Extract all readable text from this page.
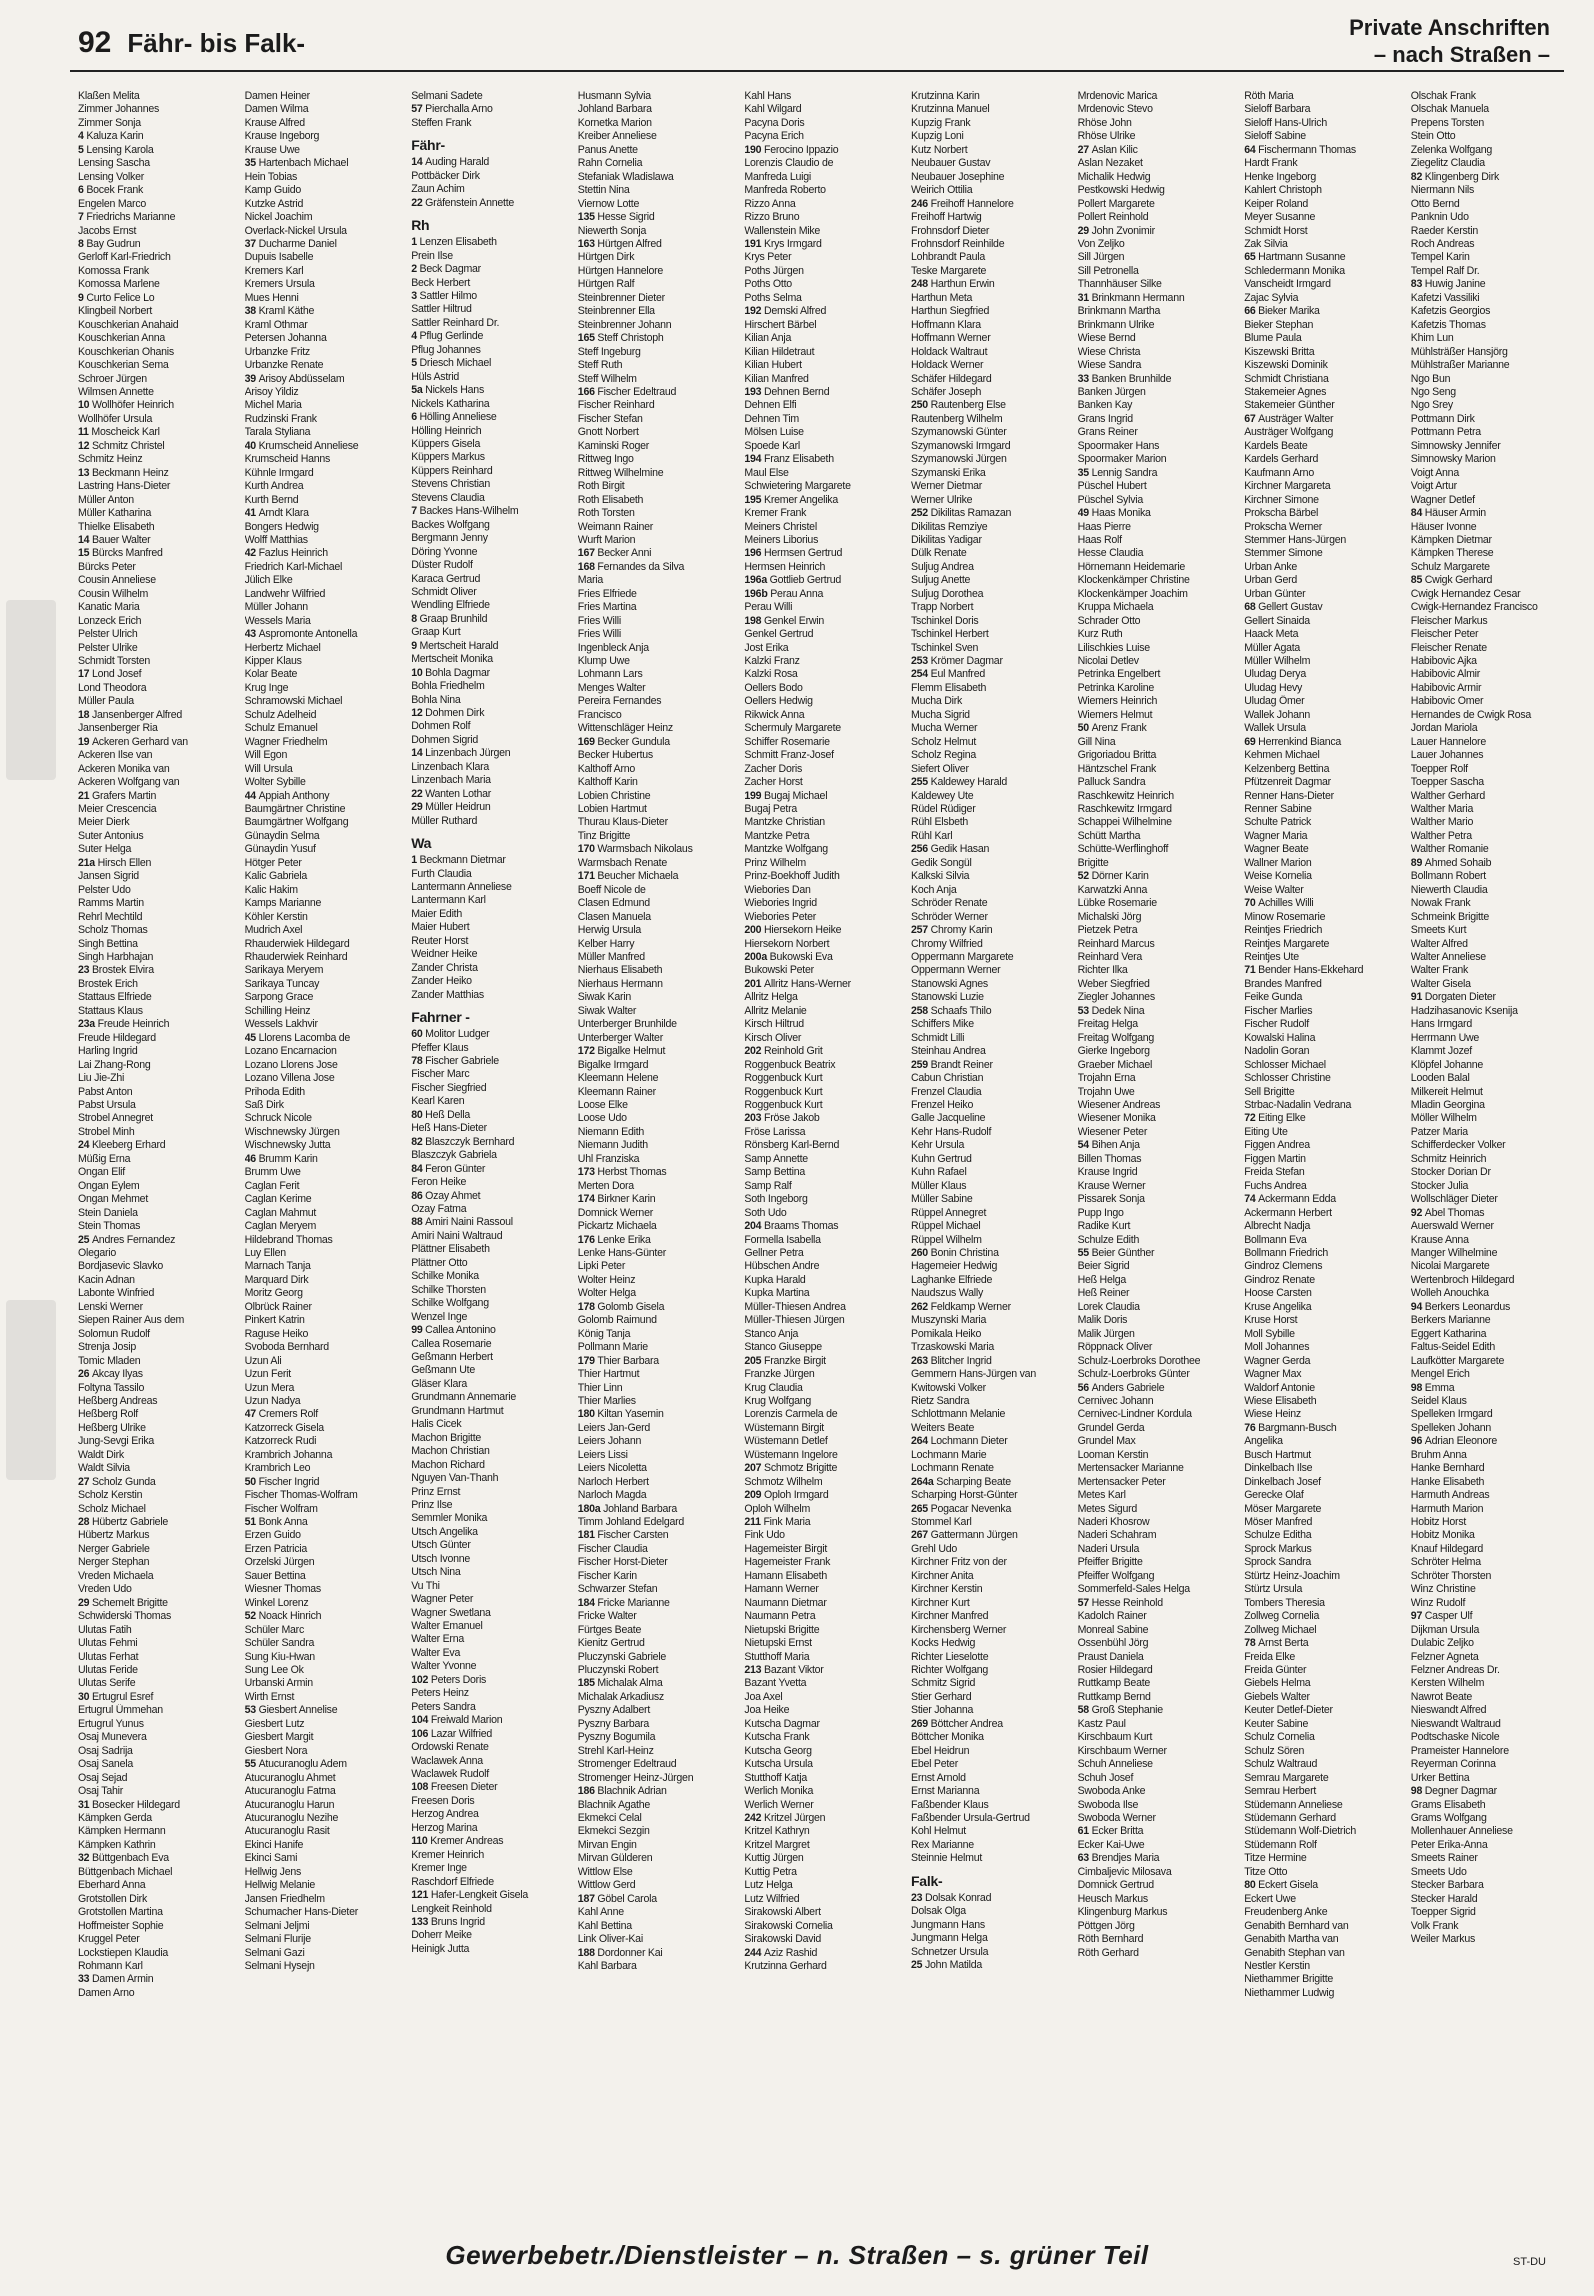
92 Fähr- bis Falk-
Private Anschriften
– nach Straßen –
Klaßen Melita
Zimmer Johannes
Zimmer Sonja
4 Kaluza Karin
5 Lensing Karola
Lensing Sascha
Lensing Volker
6 Bocek Frank
Engelen Marco
7 Friedrichs Marianne
Jacobs Ernst
8 Bay Gudrun
Gerloff Karl-Friedrich
Komossa Frank
Komossa Marlene
9 Curto Felice Lo
Klingbeil Norbert
Kouschkerian Anahaid
Kouschkerian Anna
Kouschkerian Ohanis
Kouschkerian Sema
Schroer Jürgen
Wilmsen Annette
10 Wollhöfer Heinrich
Wollhöfer Ursula
11 Moscheick Karl
12 Schmitz Christel
Schmitz Heinz
13 Beckmann Heinz
Lastring Hans-Dieter
Müller Anton
Müller Katharina
Thielke Elisabeth
14 Bauer Walter
15 Bürcks Manfred
Bürcks Peter
Cousin Anneliese
Cousin Wilhelm
Kanatic Maria
Lonzeck Erich
Pelster Ulrich
Pelster Ulrike
Schmidt Torsten
17 Lond Josef
Lond Theodora
Müller Paula
18 Jansenberger Alfred
Jansenberger Ria
19 Ackeren Gerhard van
Ackeren Ilse van
Ackeren Monika van
Ackeren Wolfgang van
21 Grafers Martin
Meier Crescencia
Meier Dierk
Suter Antonius
Suter Helga
21a Hirsch Ellen
Jansen Sigrid
Pelster Udo
Ramms Martin
Rehrl Mechtild
Scholz Thomas
Singh Bettina
Singh Harbhajan
23 Brostek Elvira
Brostek Erich
Stattaus Elfriede
Stattaus Klaus
23a Freude Heinrich
Freude Hildegard
Harling Ingrid
Lai Zhang-Rong
Liu Jie-Zhi
Pabst Anton
Pabst Ursula
Strobel Annegret
Strobel Minh
24 Kleeberg Erhard
Müßig Erna
Ongan Elif
Ongan Eylem
Ongan Mehmet
Stein Daniela
Stein Thomas
25 Andres Fernandez
Olegario
Bordjasevic Slavko
Kacin Adnan
Labonte Winfried
Lenski Werner
Siepen Rainer Aus dem
Solomun Rudolf
Strenja Josip
Tomic Mladen
26 Akcay Ilyas
Foltyna Tassilo
Heßberg Andreas
Heßberg Rolf
Heßberg Ulrike
Jung-Sevgi Erika
Waldt Dirk
Waldt Silvia
27 Scholz Gunda
Scholz Kerstin
Scholz Michael
28 Hübertz Gabriele
Hübertz Markus
Nerger Gabriele
Nerger Stephan
Vreden Michaela
Vreden Udo
29 Schemelt Brigitte
Schwiderski Thomas
Ulutas Fatih
Ulutas Fehmi
Ulutas Ferhat
Ulutas Feride
Ulutas Serife
30 Ertugrul Esref
Ertugrul Ümmehan
Ertugrul Yunus
Osaj Munevera
Osaj Sadrija
Osaj Sanela
Osaj Sejad
Osaj Tahir
31 Bosecker Hildegard
Kämpken Gerda
Kämpken Hermann
Kämpken Kathrin
32 Büttgenbach Eva
Büttgenbach Michael
Eberhard Anna
Grotstollen Dirk
Grotstollen Martina
Hoffmeister Sophie
Kruggel Peter
Lockstiepen Klaudia
Rohmann Karl
33 Damen Armin
Damen Arno
Damen Heiner
Damen Wilma
Krause Alfred
Krause Ingeborg
Krause Uwe
35 Hartenbach Michael
Hein Tobias
Kamp Guido
Kutzke Astrid
Nickel Joachim
Overlack-Nickel Ursula
37 Ducharme Daniel
Dupuis Isabelle
Kremers Karl
Kremers Ursula
Mues Henni
38 Kraml Käthe
Kraml Othmar
Petersen Johanna
Urbanzke Fritz
Urbanzke Renate
39 Arisoy Abdüsselam
Arisoy Yildiz
Michel Maria
Rudzinski Frank
Tarala Styliana
40 Krumscheid Anneliese
Krumscheid Hanns
Kühnle Irmgard
Kurth Andrea
Kurth Bernd
41 Arndt Klara
Bongers Hedwig
Wolff Matthias
42 Fazlus Heinrich
Friedrich Karl-Michael
Jülich Elke
Landwehr Wilfried
Müller Johann
Wessels Maria
43 Aspromonte Antonella
Herbertz Michael
Kipper Klaus
Kolar Beate
Krug Inge
Schramowski Michael
Schulz Adelheid
Schulz Emanuel
Wagner Friedhelm
Will Egon
Will Ursula
Wolter Sybille
44 Appiah Anthony
Baumgärtner Christine
Baumgärtner Wolfgang
Günaydin Selma
Günaydin Yusuf
Hötger Peter
Kalic Gabriela
Kalic Hakim
Kamps Marianne
Köhler Kerstin
Mudrich Axel
Rhauderwiek Hildegard
Rhauderwiek Reinhard
Sarikaya Meryem
Sarikaya Tuncay
Sarpong Grace
Schilling Heinz
Wessels Lakhvir
45 Llorens Lacomba de
Lozano Encarnacion
Lozano Llorens Jose
Lozano Villena Jose
Prihoda Edith
Saß Dirk
Schruck Nicole
Wischnewsky Jürgen
Wischnewsky Jutta
46 Brumm Karin
Brumm Uwe
Caglan Ferit
Caglan Kerime
Caglan Mahmut
Caglan Meryem
Hildebrand Thomas
Luy Ellen
Marnach Tanja
Marquard Dirk
Moritz Georg
Olbrück Rainer
Pinkert Katrin
Raguse Heiko
Svoboda Bernhard
Uzun Ali
Uzun Ferit
Uzun Mera
Uzun Nadya
47 Cremers Rolf
Katzorreck Gisela
Katzorreck Rudi
Krambrich Johanna
Krambrich Leo
50 Fischer Ingrid
Fischer Thomas-Wolfram
Fischer Wolfram
51 Bonk Anna
Erzen Guido
Erzen Patricia
Orzelski Jürgen
Sauer Bettina
Wiesner Thomas
Winkel Lorenz
52 Noack Hinrich
Schüler Marc
Schüler Sandra
Sung Kiu-Hwan
Sung Lee Ok
Urbanski Armin
Wirth Ernst
53 Giesbert Annelise
Giesbert Lutz
Giesbert Margit
Giesbert Nora
55 Atucuranoglu Adem
Atucuranoglu Ahmet
Atucuranoglu Fatma
Atucuranoglu Harun
Atucuranoglu Nezihe
Atucuranoglu Rasit
Ekinci Hanife
Ekinci Sami
Hellwig Jens
Hellwig Melanie
Jansen Friedhelm
Schumacher Hans-Dieter
Selmani Jeljmi
Selmani Flurije
Selmani Gazi
Selmani Hysejn
Selmani Sadete
57 Pierchalla Arno
Steffen Frank
Fähr-
14 Auding Harald
Pottbäcker Dirk
Zaun Achim
22 Gräfenstein Annette
Rh
1 Lenzen Elisabeth
Prein Ilse
2 Beck Dagmar
Beck Herbert
3 Sattler Hilmo
Sattler Hiltrud
Sattler Reinhard Dr.
4 Pflug Gerlinde
Pflug Johannes
5 Driesch Michael
Hüls Astrid
5a Nickels Hans
Nickels Katharina
6 Hölling Anneliese
Hölling Heinrich
Küppers Gisela
Küppers Markus
Küppers Reinhard
Stevens Christian
Stevens Claudia
7 Backes Hans-Wilhelm
Backes Wolfgang
Bergmann Jenny
Döring Yvonne
Düster Rudolf
Karaca Gertrud
Schmidt Oliver
Wendling Elfriede
8 Graap Brunhild
Graap Kurt
9 Mertscheit Harald
Mertscheit Monika
10 Bohla Dagmar
Bohla Friedhelm
Bohla Nina
12 Dohmen Dirk
Dohmen Rolf
Dohmen Sigrid
14 Linzenbach Jürgen
Linzenbach Klara
Linzenbach Maria
22 Wanten Lothar
29 Müller Heidrun
Müller Ruthard
Wa
1 Beckmann Dietmar
Furth Claudia
Lantermann Anneliese
Lantermann Karl
Maier Edith
Maier Hubert
Reuter Horst
Weidner Heike
Zander Christa
Zander Heiko
Zander Matthias
Fahrner -
60 Molitor Ludger
Pfeffer Klaus
78 Fischer Gabriele
Fischer Marc
Fischer Siegfried
Kearl Karen
80 Heß Della
Heß Hans-Dieter
82 Blaszczyk Bernhard
Blaszczyk Gabriela
84 Feron Günter
Feron Heike
86 Ozay Ahmet
Ozay Fatma
88 Amiri Naini Rassoul
Amiri Naini Waltraud
Plättner Elisabeth
Plättner Otto
Schilke Monika
Schilke Thorsten
Schilke Wolfgang
Wenzel Inge
99 Callea Antonino
Callea Rosemarie
Geßmann Herbert
Geßmann Ute
Gläser Klara
Grundmann Annemarie
Grundmann Hartmut
Halis Cicek
Machon Brigitte
Machon Christian
Machon Richard
Nguyen Van-Thanh
Prinz Ernst
Prinz Ilse
Semmler Monika
Utsch Angelika
Utsch Günter
Utsch Ivonne
Utsch Nina
Vu Thi
Wagner Peter
Wagner Swetlana
Walter Emanuel
Walter Erna
Walter Eva
Walter Yvonne
102 Peters Doris
Peters Heinz
Peters Sandra
104 Freiwald Marion
106 Lazar Wilfried
Ordowski Renate
Waclawek Anna
Waclawek Rudolf
108 Freesen Dieter
Freesen Doris
Herzog Andrea
Herzog Marina
110 Kremer Andreas
Kremer Heinrich
Kremer Inge
Raschdorf Elfriede
121 Hafer-Lengkeit Gisela
Lengkeit Reinhold
133 Bruns Ingrid
Doherr Meike
Heinigk Jutta
Husmann Sylvia
Johland Barbara
Kornetka Marion
Kreiber Anneliese
Panus Anette
Rahn Cornelia
Stefaniak Wladislawa
Stettin Nina
Viernow Lotte
135 Hesse Sigrid
Niewerth Sonja
163 Hürtgen Alfred
Hürtgen Dirk
Hürtgen Hannelore
Hürtgen Ralf
Steinbrenner Dieter
Steinbrenner Ella
Steinbrenner Johann
165 Steff Christoph
Steff Ingeburg
Steff Ruth
Steff Wilhelm
166 Fischer Edeltraud
Fischer Reinhard
Fischer Stefan
Gnott Norbert
Kaminski Roger
Rittweg Ingo
Rittweg Wilhelmine
Roth Birgit
Roth Elisabeth
Roth Torsten
Weimann Rainer
Wurft Marion
167 Becker Anni
168 Fernandes da Silva
Maria
Fries Elfriede
Fries Martina
Fries Willi
Fries Willi
Ingenbleck Anja
Klump Uwe
Lohmann Lars
Menges Walter
Pereira Fernandes
Francisco
Wittenschläger Heinz
169 Becker Gundula
Becker Hubertus
Kalthoff Arno
Kalthoff Karin
Lobien Christine
Lobien Hartmut
Thurau Klaus-Dieter
Tinz Brigitte
170 Warmsbach Nikolaus
Warmsbach Renate
171 Beucher Michaela
Boeff Nicole de
Clasen Edmund
Clasen Manuela
Herwig Ursula
Kelber Harry
Müller Manfred
Nierhaus Elisabeth
Nierhaus Hermann
Siwak Karin
Siwak Walter
Unterberger Brunhilde
Unterberger Walter
172 Bigalke Helmut
Bigalke Irmgard
Kleemann Helene
Kleemann Rainer
Loose Elke
Loose Udo
Niemann Edith
Niemann Judith
Uhl Franziska
173 Herbst Thomas
Merten Dora
174 Birkner Karin
Domnick Werner
Pickartz Michaela
176 Lenke Erika
Lenke Hans-Günter
Lipki Peter
Wolter Heinz
Wolter Helga
178 Golomb Gisela
Golomb Raimund
König Tanja
Pollmann Marie
179 Thier Barbara
Thier Hartmut
Thier Linn
Thier Marlies
180 Kiltan Yasemin
Leiers Jan-Gerd
Leiers Johann
Leiers Lissi
Leiers Nicoletta
Narloch Herbert
Narloch Magda
180a Johland Barbara
Timm Johland Edelgard
181 Fischer Carsten
Fischer Claudia
Fischer Horst-Dieter
Fischer Karin
Schwarzer Stefan
184 Fricke Marianne
Fricke Walter
Fürtges Beate
Kienitz Gertrud
Pluczynski Gabriele
Pluczynski Robert
185 Michalak Alma
Michalak Arkadiusz
Pyszny Adalbert
Pyszny Barbara
Pyszny Bogumila
Strehl Karl-Heinz
Stromenger Edeltraud
Stromenger Heinz-Jürgen
186 Blachnik Adrian
Blachnik Agathe
Ekmekci Celal
Ekmekci Sezgin
Mirvan Engin
Mirvan Gülderen
Wittlow Else
Wittlow Gerd
187 Göbel Carola
Kahl Anne
Kahl Bettina
Link Oliver-Kai
188 Dordonner Kai
Kahl Barbara
Kahl Hans
Kahl Wilgard
Pacyna Doris
Pacyna Erich
190 Ferocino Ippazio
Lorenzis Claudio de
Manfreda Luigi
Manfreda Roberto
Rizzo Anna
Rizzo Bruno
Wallenstein Mike
191 Krys Irmgard
Krys Peter
Poths Jürgen
Poths Otto
Poths Selma
192 Demski Alfred
Hirschert Bärbel
Kilian Anja
Kilian Hildetraut
Kilian Hubert
Kilian Manfred
193 Dehnen Bernd
Dehnen Elfi
Dehnen Tim
Mölsen Luise
Spoede Karl
194 Franz Elisabeth
Maul Else
Schwietering Margarete
195 Kremer Angelika
Kremer Frank
Meiners Christel
Meiners Liborius
196 Hermsen Gertrud
Hermsen Heinrich
196a Gottlieb Gertrud
196b Perau Anna
Perau Willi
198 Genkel Erwin
Genkel Gertrud
Jost Erika
Kalzki Franz
Kalzki Rosa
Oellers Bodo
Oellers Hedwig
Rikwick Anna
Schermuly Margarete
Schiffer Rosemarie
Schmitt Franz-Josef
Zacher Doris
Zacher Horst
199 Bugaj Michael
Bugaj Petra
Mantzke Christian
Mantzke Petra
Mantzke Wolfgang
Prinz Wilhelm
Prinz-Boekhoff Judith
Wiebories Dan
Wiebories Ingrid
Wiebories Peter
200 Hiersekorn Heike
Hiersekorn Norbert
200a Bukowski Eva
Bukowski Peter
201 Allritz Hans-Werner
Allritz Helga
Allritz Melanie
Kirsch Hiltrud
Kirsch Oliver
202 Reinhold Grit
Roggenbuck Beatrix
Roggenbuck Kurt
Roggenbuck Kurt
Roggenbuck Kurt
203 Fröse Jakob
Fröse Larissa
Rönsberg Karl-Bernd
Samp Annette
Samp Bettina
Samp Ralf
Soth Ingeborg
Soth Udo
204 Braams Thomas
Formella Isabella
Gellner Petra
Hübschen Andre
Kupka Harald
Kupka Martina
Müller-Thiesen Andrea
Müller-Thiesen Jürgen
Stanco Anja
Stanco Giuseppe
205 Franzke Birgit
Franzke Jürgen
Krug Claudia
Krug Wolfgang
Lorenzis Carmela de
Wüstemann Birgit
Wüstemann Detlef
Wüstemann Ingelore
207 Schmotz Brigitte
Schmotz Wilhelm
209 Oploh Irmgard
Oploh Wilhelm
211 Fink Maria
Fink Udo
Hagemeister Birgit
Hagemeister Frank
Hamann Elisabeth
Hamann Werner
Naumann Dietmar
Naumann Petra
Nietupski Brigitte
Nietupski Ernst
Stutthoff Maria
213 Bazant Viktor
Bazant Yvetta
Joa Axel
Joa Heike
Kutscha Dagmar
Kutscha Frank
Kutscha Georg
Kutscha Ursula
Stutthoff Katja
Werlich Monika
Werlich Werner
242 Kritzel Jürgen
Kritzel Kathryn
Kritzel Margret
Kuttig Jürgen
Kuttig Petra
Lutz Helga
Lutz Wilfried
Sirakowski Albert
Sirakowski Cornelia
Sirakowski David
244 Aziz Rashid
Krutzinna Gerhard
Krutzinna Karin
Krutzinna Manuel
Kupzig Frank
Kupzig Loni
Kutz Norbert
Neubauer Gustav
Neubauer Josephine
Weirich Ottilia
246 Freihoff Hannelore
Freihoff Hartwig
Frohnsdorf Dieter
Frohnsdorf Reinhilde
Lohbrandt Paula
Teske Margarete
248 Harthun Erwin
Harthun Meta
Harthun Siegfried
Hoffmann Klara
Hoffmann Werner
Holdack Waltraut
Holdack Werner
Schäfer Hildegard
Schäfer Joseph
250 Rautenberg Else
Rautenberg Wilhelm
Szymanowski Günter
Szymanowski Irmgard
Szymanowski Jürgen
Szymanski Erika
Werner Dietmar
Werner Ulrike
252 Dikilitas Ramazan
Dikilitas Remziye
Dikilitas Yadigar
Dülk Renate
Suljug Andrea
Suljug Anette
Suljug Dorothea
Trapp Norbert
Tschinkel Doris
Tschinkel Herbert
Tschinkel Sven
253 Krömer Dagmar
254 Eul Manfred
Flemm Elisabeth
Mucha Dirk
Mucha Sigrid
Mucha Werner
Scholz Helmut
Scholz Regina
Siefert Oliver
255 Kaldewey Harald
Kaldewey Ute
Rüdel Rüdiger
Rühl Elsbeth
Rühl Karl
256 Gedik Hasan
Gedik Songül
Kalkski Silvia
Koch Anja
Schröder Renate
Schröder Werner
257 Chromy Karin
Chromy Wilfried
Oppermann Margarete
Oppermann Werner
Stanowski Agnes
Stanowski Luzie
258 Schaafs Thilo
Schiffers Mike
Schmidt Lilli
Steinhau Andrea
259 Brandt Reiner
Cabun Christian
Frenzel Claudia
Frenzel Heiko
Galle Jacqueline
Kehr Hans-Rudolf
Kehr Ursula
Kuhn Gertrud
Kuhn Rafael
Müller Klaus
Müller Sabine
Rüppel Annegret
Rüppel Michael
Rüppel Wilhelm
260 Bonin Christina
Hagemeier Hedwig
Laghanke Elfriede
Naudszus Wally
262 Feldkamp Werner
Muszynski Maria
Pomikala Heiko
Trzaskowski Maria
263 Blitcher Ingrid
Gemmern Hans-Jürgen van
Kwitowski Volker
Rietz Sandra
Schlottmann Melanie
Weiters Beate
264 Lochmann Dieter
Lochmann Marie
Lochmann Renate
264a Scharping Beate
Scharping Horst-Günter
265 Pogacar Nevenka
Stommel Karl
267 Gattermann Jürgen
Grehl Udo
Kirchner Fritz von der
Kirchner Anita
Kirchner Kerstin
Kirchner Kurt
Kirchner Manfred
Kirchensberg Werner
Kocks Hedwig
Richter Lieselotte
Richter Wolfgang
Schmitz Sigrid
Stier Gerhard
Stier Johanna
269 Böttcher Andrea
Böttcher Monika
Ebel Heidrun
Ebel Peter
Ernst Arnold
Ernst Marianna
Faßbender Klaus
Faßbender Ursula-Gertrud
Kohl Helmut
Rex Marianne
Steinnie Helmut
Falk-
23 Dolsak Konrad
Dolsak Olga
Jungmann Hans
Jungmann Helga
Schnetzer Ursula
25 John Matilda
Mrdenovic Marica
Mrdenovic Stevo
Rhöse John
Rhöse Ulrike
27 Aslan Kilic
Aslan Nezaket
Michalik Hedwig
Pestkowski Hedwig
Pollert Margarete
Pollert Reinhold
29 John Zvonimir
Von Zeljko
Sill Jürgen
Sill Petronella
Thannhäuser Silke
31 Brinkmann Hermann
Brinkmann Martha
Brinkmann Ulrike
Wiese Bernd
Wiese Christa
Wiese Sandra
33 Banken Brunhilde
Banken Jürgen
Banken Kay
Grans Ingrid
Grans Reiner
Spoormaker Hans
Spoormaker Marion
35 Lennig Sandra
Püschel Hubert
Püschel Sylvia
49 Haas Monika
Haas Pierre
Haas Rolf
Hesse Claudia
Hörnemann Heidemarie
Klockenkämper Christine
Klockenkämper Joachim
Kruppa Michaela
Schrader Otto
Kurz Ruth
Lilischkies Luise
Nicolai Detlev
Petrinka Engelbert
Petrinka Karoline
Wiemers Heinrich
Wiemers Helmut
50 Arenz Frank
Gill Nina
Grigoriadou Britta
Häntzschel Frank
Palluck Sandra
Raschkewitz Heinrich
Raschkewitz Irmgard
Schappei Wilhelmine
Schütt Martha
Schütte-Werflinghoff
Brigitte
52 Dörner Karin
Karwatzki Anna
Lübke Rosemarie
Michalski Jörg
Pietzek Petra
Reinhard Marcus
Reinhard Vera
Richter Ilka
Weber Siegfried
Ziegler Johannes
53 Dedek Nina
Freitag Helga
Freitag Wolfgang
Gierke Ingeborg
Graeber Michael
Trojahn Erna
Trojahn Uwe
Wiesener Andreas
Wiesener Monika
Wiesener Peter
54 Bihen Anja
Billen Thomas
Krause Ingrid
Krause Werner
Pissarek Sonja
Pupp Ingo
Radike Kurt
Schulze Edith
55 Beier Günther
Beier Sigrid
Heß Helga
Heß Reiner
Lorek Claudia
Malik Doris
Malik Jürgen
Röppnack Oliver
Schulz-Loerbroks Dorothee
Schulz-Loerbroks Günter
56 Anders Gabriele
Cernivec Johann
Cernivec-Lindner Kordula
Grundel Gerda
Grundel Max
Looman Kerstin
Mertensacker Marianne
Mertensacker Peter
Metes Karl
Metes Sigurd
Naderi Khosrow
Naderi Schahram
Naderi Ursula
Pfeiffer Brigitte
Pfeiffer Wolfgang
Sommerfeld-Sales Helga
57 Hesse Reinhold
Kadolch Rainer
Monreal Sabine
Ossenbühl Jörg
Praust Daniela
Rosier Hildegard
Ruttkamp Beate
Ruttkamp Bernd
58 Groß Stephanie
Kastz Paul
Kirschbaum Kurt
Kirschbaum Werner
Schuh Anneliese
Schuh Josef
Swoboda Anke
Swoboda Ilse
Swoboda Werner
61 Ecker Britta
Ecker Kai-Uwe
63 Brendjes Maria
Cimbaljevic Milosava
Domnick Gertrud
Heusch Markus
Klingenburg Markus
Pöttgen Jörg
Röth Bernhard
Röth Gerhard
Röth Maria
Sieloff Barbara
Sieloff Hans-Ulrich
Sieloff Sabine
64 Fischermann Thomas
Hardt Frank
Henke Ingeborg
Kahlert Christoph
Keiper Roland
Meyer Susanne
Schmidt Horst
Zak Silvia
65 Hartmann Susanne
Schledermann Monika
Vanscheidt Irmgard
Zajac Sylvia
66 Bieker Marika
Bieker Stephan
Blume Paula
Kiszewski Britta
Kiszewski Dominik
Schmidt Christiana
Stakemeier Agnes
Stakemeier Günther
67 Austräger Walter
Austräger Wolfgang
Kardels Beate
Kardels Gerhard
Kaufmann Arno
Kirchner Margareta
Kirchner Simone
Prokscha Bärbel
Prokscha Werner
Stemmer Hans-Jürgen
Stemmer Simone
Urban Anke
Urban Gerd
Urban Günter
68 Gellert Gustav
Gellert Sinaida
Haack Meta
Müller Agata
Müller Wilhelm
Uludag Derya
Uludag Hevy
Uludag Ömer
Wallek Johann
Wallek Ursula
69 Herrenkind Bianca
Kehmen Michael
Kelzenberg Bettina
Pfützenreit Dagmar
Renner Hans-Dieter
Renner Sabine
Schulte Patrick
Wagner Maria
Wagner Beate
Wallner Marion
Weise Kornelia
Weise Walter
70 Achilles Willi
Minow Rosemarie
Reintjes Friedrich
Reintjes Margarete
Reintjes Ute
71 Bender Hans-Ekkehard
Brandes Manfred
Feike Gunda
Fischer Marlies
Fischer Rudolf
Kowalski Halina
Nadolin Goran
Schlosser Michael
Schlosser Christine
Sell Brigitte
Strbac-Nadalin Vedrana
72 Eiting Elke
Eiting Ute
Figgen Andrea
Figgen Martin
Freida Stefan
Fuchs Andrea
74 Ackermann Edda
Ackermann Herbert
Albrecht Nadja
Bollmann Eva
Bollmann Friedrich
Gindroz Clemens
Gindroz Renate
Hoose Carsten
Kruse Angelika
Kruse Horst
Moll Sybille
Moll Johannes
Wagner Gerda
Wagner Max
Waldorf Antonie
Wiese Elisabeth
Wiese Heinz
76 Bargmann-Busch
Angelika
Busch Hartmut
Dinkelbach Ilse
Dinkelbach Josef
Gerecke Olaf
Möser Margarete
Möser Manfred
Schulze Editha
Sprock Markus
Sprock Sandra
Stürtz Heinz-Joachim
Stürtz Ursula
Tombers Theresia
Zollweg Cornelia
Zollweg Michael
78 Arnst Berta
Freida Elke
Freida Günter
Giebels Helma
Giebels Walter
Keuter Detlef-Dieter
Keuter Sabine
Schulz Cornelia
Schulz Sören
Schulz Waltraud
Semrau Margarete
Semrau Herbert
Stüdemann Anneliese
Stüdemann Gerhard
Stüdemann Wolf-Dietrich
Stüdemann Rolf
Titze Hermine
Titze Otto
80 Eckert Gisela
Eckert Uwe
Freudenberg Anke
Genabith Bernhard van
Genabith Martha van
Genabith Stephan van
Nestler Kerstin
Niethammer Brigitte
Niethammer Ludwig
Olschak Frank
Olschak Manuela
Prepens Torsten
Stein Otto
Zelenka Wolfgang
Ziegelitz Claudia
82 Klingenberg Dirk
Niermann Nils
Otto Bernd
Panknin Udo
Raeder Kerstin
Roch Andreas
Tempel Karin
Tempel Ralf Dr.
83 Huwig Janine
Kafetzi Vassiliki
Kafetzis Georgios
Kafetzis Thomas
Khim Lun
Mühlsträßer Hansjörg
Mühlstraßer Marianne
Ngo Bun
Ngo Seng
Ngo Srey
Pottmann Dirk
Pottmann Petra
Simnowsky Jennifer
Simnowsky Marion
Voigt Anna
Voigt Artur
Wagner Detlef
84 Häuser Armin
Häuser Ivonne
Kämpken Dietmar
Kämpken Therese
Schulz Margarete
85 Cwigk Gerhard
Cwigk Hernandez Cesar
Cwigk-Hernandez Francisco
Fleischer Markus
Fleischer Peter
Fleischer Renate
Habibovic Ajka
Habibovic Almir
Habibovic Armir
Habibovic Omer
Hernandes de Cwigk Rosa
Jordan Mariola
Lauer Hannelore
Lauer Johannes
Toepper Rolf
Toepper Sascha
Walther Gerhard
Walther Maria
Walther Mario
Walther Petra
Walther Romanie
89 Ahmed Sohaib
Bollmann Robert
Niewerth Claudia
Nowak Frank
Schmeink Brigitte
Smeets Kurt
Walter Alfred
Walter Anneliese
Walter Frank
Walter Gisela
91 Dorgaten Dieter
Hadzihasanovic Ksenija
Hans Irmgard
Herrmann Uwe
Klammt Jozef
Klöpfel Johanne
Looden Balal
Milkereit Helmut
Mladin Georgina
Möller Wilhelm
Patzer Maria
Schifferdecker Volker
Schmitz Heinrich
Stocker Dorian Dr
Stocker Julia
Wollschläger Dieter
92 Abel Thomas
Auerswald Werner
Krause Anna
Manger Wilhelmine
Nicolai Margarete
Wertenbroch Hildegard
Wolleh Anouchka
94 Berkers Leonardus
Berkers Marianne
Eggert Katharina
Faltus-Seidel Edith
Laufkötter Margarete
Mengel Erich
98 Emma
Seidel Klaus
Spelleken Irmgard
Spelleken Johann
96 Adrian Eleonore
Bruhm Anna
Hanke Bernhard
Hanke Elisabeth
Harmuth Andreas
Harmuth Marion
Hobitz Horst
Hobitz Monika
Knauf Hildegard
Schröter Helma
Schröter Thorsten
Winz Christine
Winz Rudolf
97 Casper Ulf
Dijkman Ursula
Dulabic Zeljko
Felzner Agneta
Felzner Andreas Dr.
Kersten Wilhelm
Nawrot Beate
Nieswandt Alfred
Nieswandt Waltraud
Podtschaske Nicole
Prameister Hannelore
Reyerman Corinna
Urker Bettina
98 Degner Dagmar
Grams Elisabeth
Grams Wolfgang
Mollenhauer Anneliese
Peter Erika-Anna
Smeets Rainer
Smeets Udo
Stecker Barbara
Stecker Harald
Toepper Sigrid
Volk Frank
Weiler Markus
Gewerbebetr./Dienstleister – n. Straßen – s. grüner Teil	ST-DU
